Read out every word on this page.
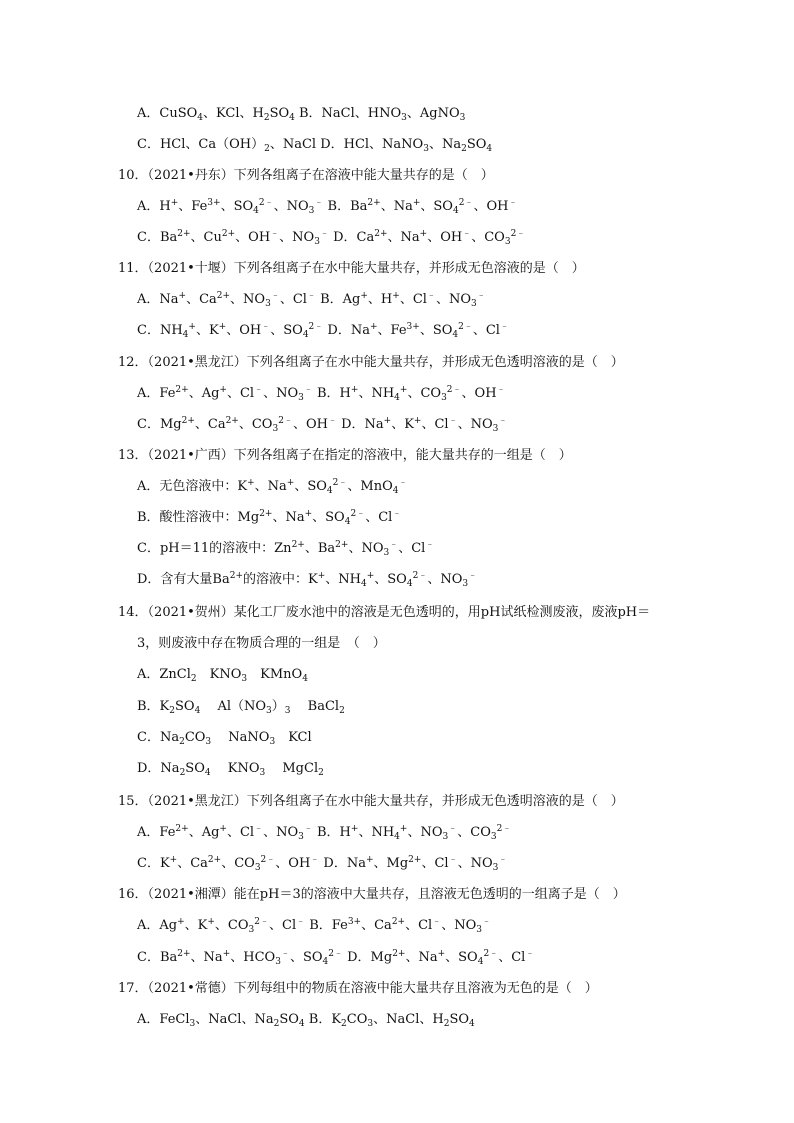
A．CuSO$_4$、KCl、$H_2SO_4$ B．NaCl、$HNO_3$、AgNO$_3$
C．HCl、$Ca(OH)_2$、NaCl D．HCl、NaNO$_3$、$Na_2SO_4$
10．（2021•丹东）下列各组离子在溶液中能大量共存的是（　）
A．H+、$Fe^{3+}$、$SO_4^{2﹣}$、$NO_3^﹣$ B．$Ba^{2+}$、Na+、$SO_4^{2﹣}$、OH﹣
C．$Ba^{2+}$、$Cu^{2+}$、OH﹣、$NO_3^﹣$ D．$Ca^{2+}$、Na+、OH﹣、$CO_3^{2﹣}$
11．（2021•十堰）下列各组离子在水中能大量共存，并形成无色溶液的是（　）
A．Na+、$Ca^{2+}$、$NO_3^﹣$、Cl﹣ B．Ag+、H+、Cl﹣、$NO_3^﹣$
C．$NH_4^+$、K+、OH﹣、$SO_4^{2﹣}$ D．Na+、$Fe^{3+}$、$SO_4^{2﹣}$、Cl﹣
12．（2021•黑龙江）下列各组离子在水中能大量共存，并形成无色透明溶液的是（　）
A．$Fe^{2+}$、Ag+、Cl﹣、$NO_3^﹣$ B．H+、$NH_4^+$、$CO_3^{2﹣}$、OH﹣
C．$Mg^{2+}$、$Ca^{2+}$、$CO_3^{2﹣}$、OH﹣ D．Na+、K+、Cl﹣、$NO_3^﹣$
13．（2021•广西）下列各组离子在指定的溶液中，能大量共存的一组是（　）
A．无色溶液中：K+、Na+、$SO_4^{2﹣}$、MnO$_4$﹣
B．酸性溶液中：$Mg^{2+}$、Na+、$SO_4^{2﹣}$、Cl﹣
C．pH＝11的溶液中：$Zn^{2+}$、$Ba^{2+}$、$NO_3^﹣$、Cl﹣
D．含有大量$Ba^{2+}$的溶液中：K+、$NH_4^+$、$SO_4^{2﹣}$、$NO_3^﹣$
14．（2021•贺州）某化工厂废水池中的溶液是无色透明的，用pH试纸检测废液，废液pH＝
3，则废液中存在物质合理的一组是　（　）
A．ZnCl$_2$　$KNO_3$　KMnO$_4$
B．$K_2SO_4$　 $Al(NO_3)_3$　 BaCl$_2$
C．$Na_2CO_3$　 NaNO$_3$　KCl
D．$Na_2SO_4$　 $KNO_3$　 MgCl$_2$
15．（2021•黑龙江）下列各组离子在水中能大量共存，并形成无色透明溶液的是（　）
A．$Fe^{2+}$、Ag+、Cl﹣、$NO_3^﹣$ B．H+、$NH_4^+$、$NO_3^﹣$、$CO_3^{2﹣}$
C．K+、$Ca^{2+}$、$CO_3^{2﹣}$、OH﹣ D．Na+、$Mg^{2+}$、Cl﹣、$NO_3^﹣$
16．（2021•湘潭）能在pH＝3的溶液中大量共存，且溶液无色透明的一组离子是（　）
A．Ag+、K+、$CO_3^{2﹣}$、Cl﹣ B．$Fe^{3+}$、$Ca^{2+}$、Cl﹣、$NO_3^﹣$
C．$Ba^{2+}$、Na+、$HCO_3^﹣$、$SO_4^{2﹣}$ D．$Mg^{2+}$、Na+、$SO_4^{2﹣}$、Cl﹣
17．（2021•常德）下列每组中的物质在溶液中能大量共存且溶液为无色的是（　）
A．FeCl$_3$、NaCl、$Na_2SO_4$ B．$K_2CO_3$、NaCl、$H_2SO_4$
